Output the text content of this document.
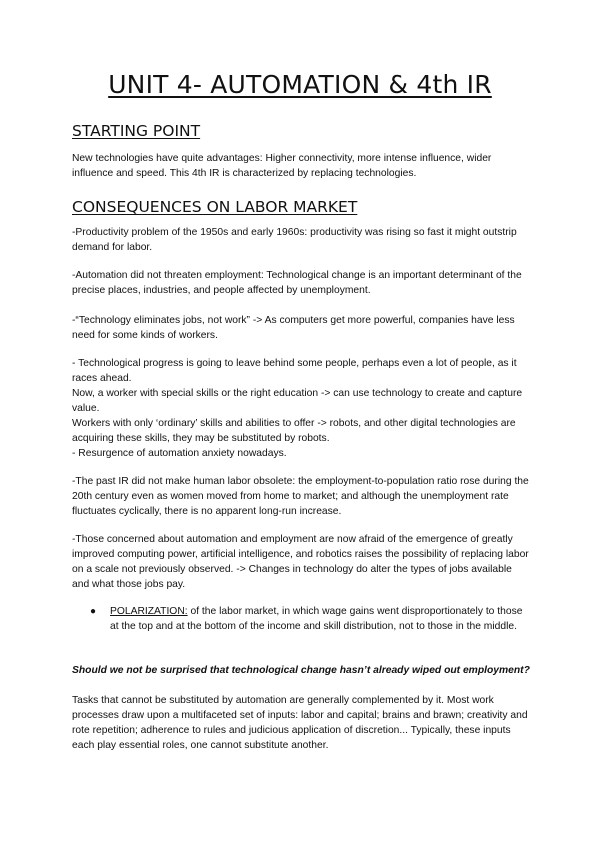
UNIT 4- AUTOMATION & 4th IR
STARTING POINT

New technologies have quite advantages: Higher connectivity, more intense influence, wider influence and speed. This 4th IR is characterized by replacing technologies.

CONSEQUENCES ON LABOR MARKET

-Productivity problem of the 1950s and early 1960s: productivity was rising so fast it might outstrip demand for labor.

-Automation did not threaten employment: Technological change is an important determinant of the precise places, industries, and people affected by unemployment.

-“Technology eliminates jobs, not work” -> As computers get more powerful, companies have less need for some kinds of workers.

- Technological progress is going to leave behind some people, perhaps even a lot of people, as it races ahead.

Now, a worker with special skills or the right education -> can use technology to create and capture value.

Workers with only ‘ordinary’ skills and abilities to offer -> robots, and other digital technologies are acquiring these skills, they may be substituted by robots.

- Resurgence of automation anxiety nowadays.

-The past IR did not make human labor obsolete: the employment-to-population ratio rose during the 20th century even as women moved from home to market; and although the unemployment rate fluctuates cyclically, there is no apparent long-run increase.

-Those concerned about automation and employment are now afraid of the emergence of greatly improved computing power, artificial intelligence, and robotics raises the possibility of replacing labor on a scale not previously observed. -> Changes in technology do alter the types of jobs available and what those jobs pay.

●	POLARIZATION: of the labor market, in which wage gains went disproportionately to those at the top and at the bottom of the income and skill distribution, not to those in the middle.

Should we not be surprised that technological change hasn’t already wiped out employment?

Tasks that cannot be substituted by automation are generally complemented by it. Most work processes draw upon a multifaceted set of inputs: labor and capital; brains and brawn; creativity and rote repetition; adherence to rules and judicious application of discretion... Typically, these inputs each play essential roles, one cannot substitute another.
